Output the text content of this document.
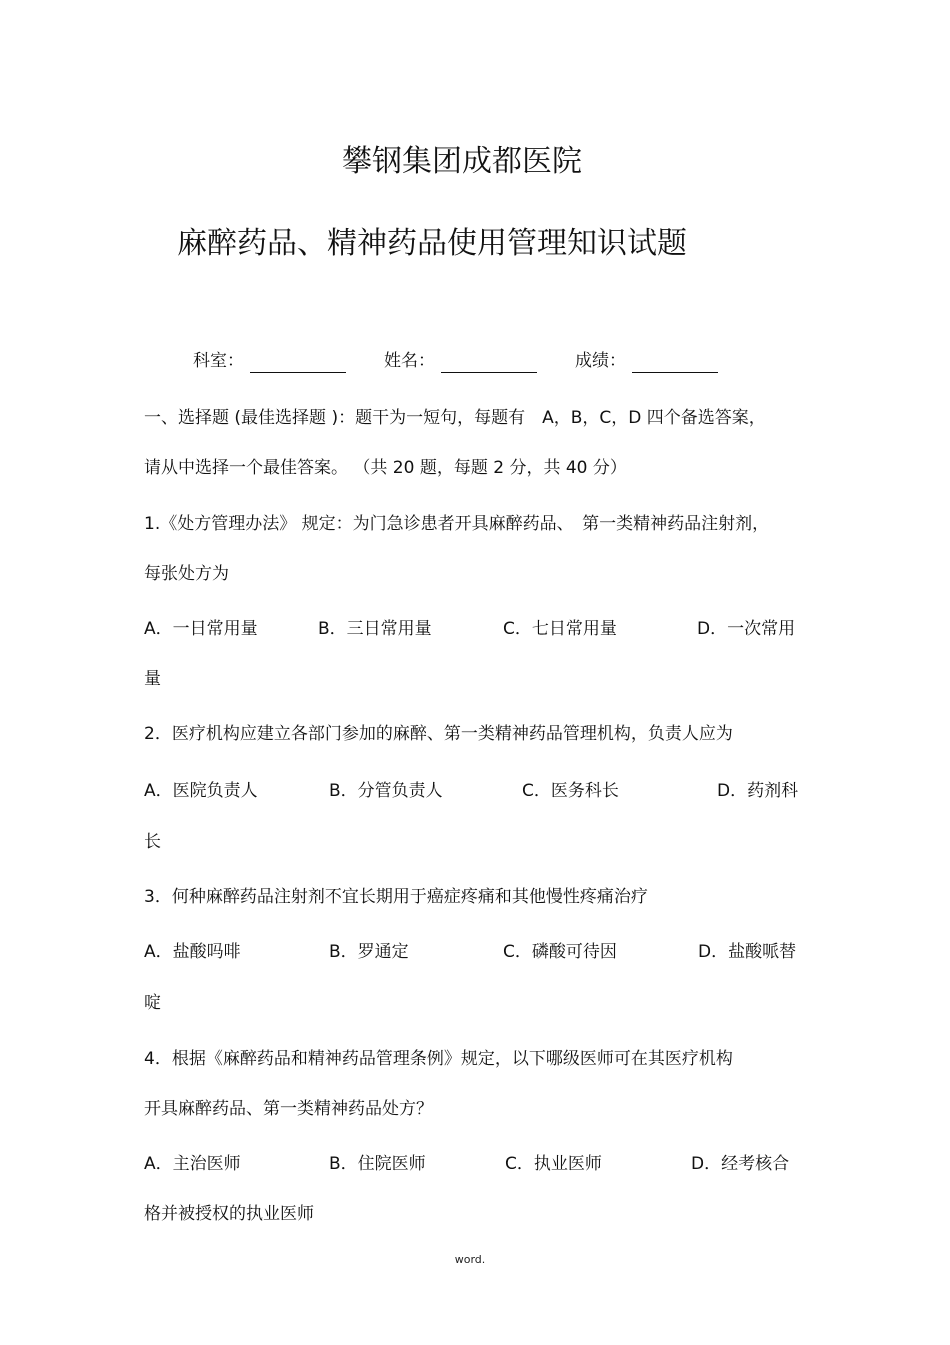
攀钢集团成都医院
麻醉药品、精神药品使用管理知识试题
科室：	姓名：	成绩：
一、选择题 (最佳选择题 )：题干为一短句，每题有　A，B，C，D 四个备选答案，
请从中选择一个最佳答案。 （共 20 题，每题 2 分，共 40 分）
1.《处方管理办法》 规定：为门急诊患者开具麻醉药品、　第一类精神药品注射剂，
每张处方为
A．一日常用量	B．三日常用量	C．七日常用量	D．一次常用
量
2．医疗机构应建立各部门参加的麻醉、第一类精神药品管理机构，负责人应为
A．医院负责人	B．分管负责人	C．医务科长	D．药剂科
长
3．何种麻醉药品注射剂不宜长期用于癌症疼痛和其他慢性疼痛治疗
A．盐酸吗啡	B．罗通定	C．磷酸可待因	D．盐酸哌替
啶
4．根据《麻醉药品和精神药品管理条例》规定，以下哪级医师可在其医疗机构
开具麻醉药品、第一类精神药品处方？
A．主治医师	B．住院医师	C．执业医师	D．经考核合
格并被授权的执业医师
word.
